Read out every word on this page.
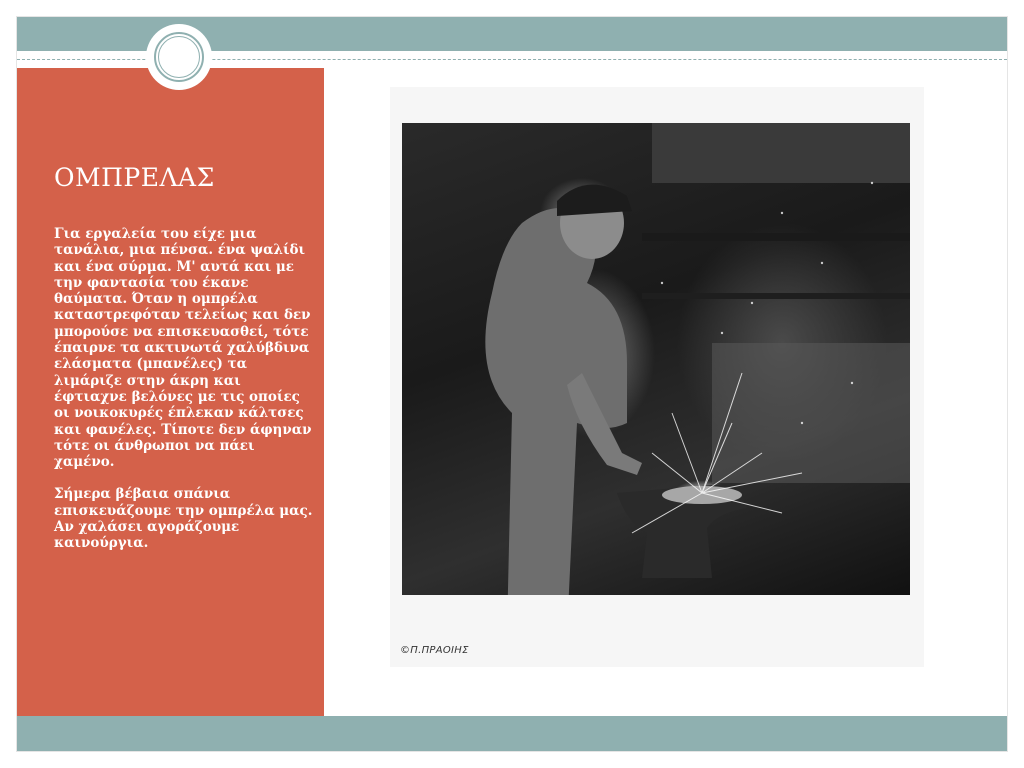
ΟΜΠΡΕΛΑΣ

Για εργαλεία του είχε μια τανάλια, μια πένσα. ένα ψαλίδι και ένα σύρμα. Μ' αυτά και με την φαντασία του έκανε θαύματα. Όταν η ομπρέλα καταστρεφόταν τελείως και δεν μπορούσε να επισκευασθεί, τότε έπαιρνε τα ακτινωτά χαλύβδινα ελάσματα (μπανέλες) τα λιμάριζε στην άκρη και έφτιαχνε βελόνες με τις οποίες οι νοικοκυρές έπλεκαν κάλτσες και φανέλες. Τίποτε δεν άφηναν τότε οι άνθρωποι να πάει χαμένο.

Σήμερα βέβαια σπάνια επισκευάζουμε την ομπρέλα μας. Αν χαλάσει αγοράζουμε καινούργια.

©Π.ΠΡΑΟΙΗΣ
